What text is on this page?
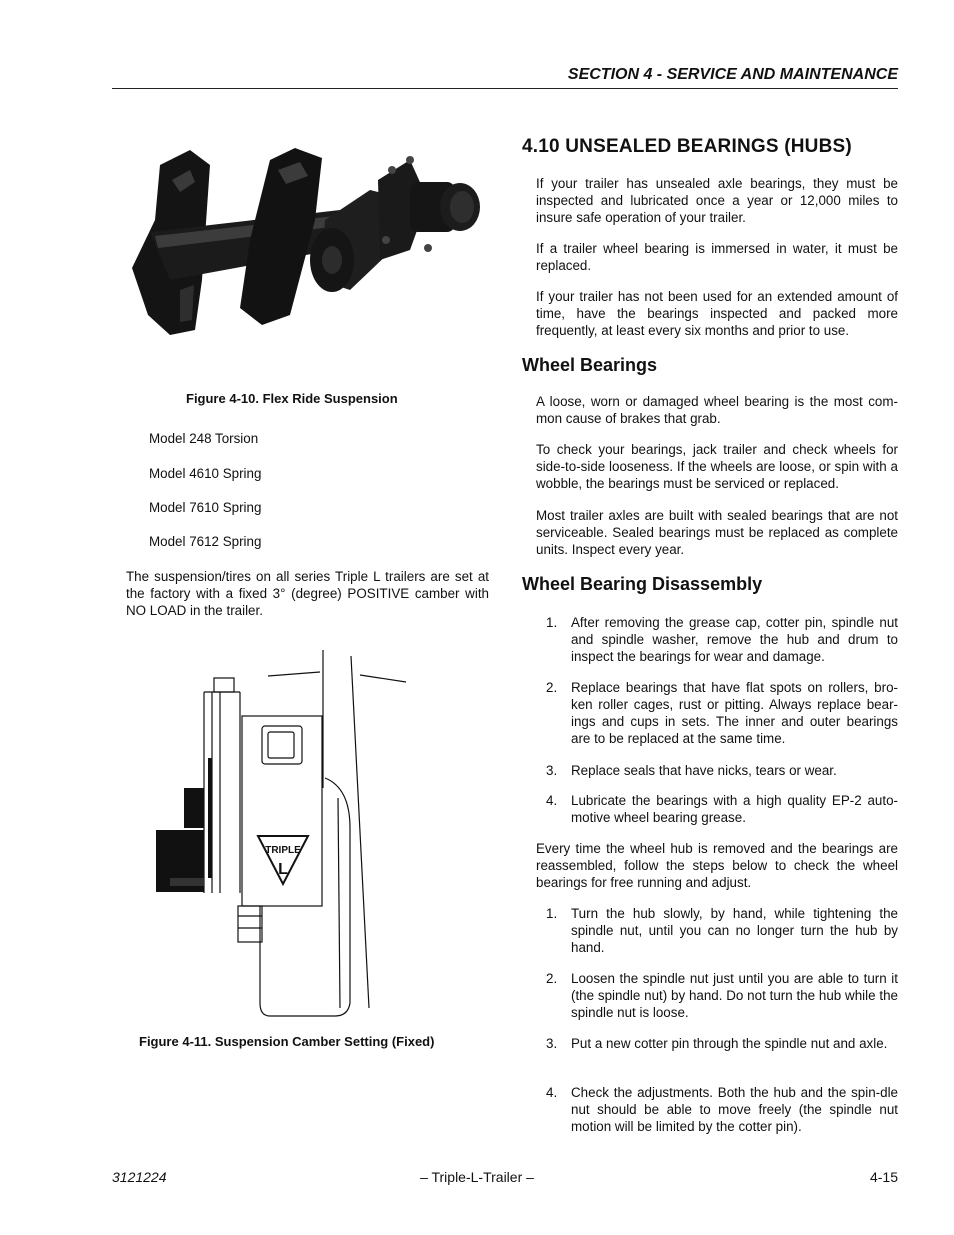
SECTION 4 - SERVICE AND MAINTENANCE
Figure 4-10. Flex Ride Suspension
Model 248 Torsion
Model 4610 Spring
Model 7610 Spring
Model 7612 Spring
The suspension/tires on all series Triple L trailers are set at the factory with a fixed 3° (degree) POSITIVE camber with NO LOAD in the trailer.
TRIPLE
L
Figure 4-11. Suspension Camber Setting (Fixed)
4.10 UNSEALED BEARINGS (HUBS)
If your trailer has unsealed axle bearings, they must be inspected and lubricated once a year or 12,000 miles to insure safe operation of your trailer.
If a trailer wheel bearing is immersed in water, it must be replaced.
If your trailer has not been used for an extended amount of time, have the bearings inspected and packed more frequently, at least every six months and prior to use.
Wheel Bearings
A loose, worn or damaged wheel bearing is the most com-mon cause of brakes that grab.
To check your bearings, jack trailer and check wheels for side-to-side looseness. If the wheels are loose, or spin with a wobble, the bearings must be serviced or replaced.
Most trailer axles are built with sealed bearings that are not serviceable. Sealed bearings must be replaced as complete units. Inspect every year.
Wheel Bearing Disassembly
1. After removing the grease cap, cotter pin, spindle nut and spindle washer, remove the hub and drum to inspect the bearings for wear and damage.

2. Replace bearings that have flat spots on rollers, bro-ken roller cages, rust or pitting. Always replace bear-ings and cups in sets. The inner and outer bearings are to be replaced at the same time.

3. Replace seals that have nicks, tears or wear.

4. Lubricate the bearings with a high quality EP-2 auto-motive wheel bearing grease.

Every time the wheel hub is removed and the bearings are reassembled, follow the steps below to check the wheel bearings for free running and adjust.
1. Turn the hub slowly, by hand, while tightening the spindle nut, until you can no longer turn the hub by hand.

2. Loosen the spindle nut just until you are able to turn it (the spindle nut) by hand. Do not turn the hub while the spindle nut is loose.

3. Put a new cotter pin through the spindle nut and axle.

4. Check the adjustments. Both the hub and the spin-dle nut should be able to move freely (the spindle nut motion will be limited by the cotter pin).

3121224	– Triple-L-Trailer –	4-15
